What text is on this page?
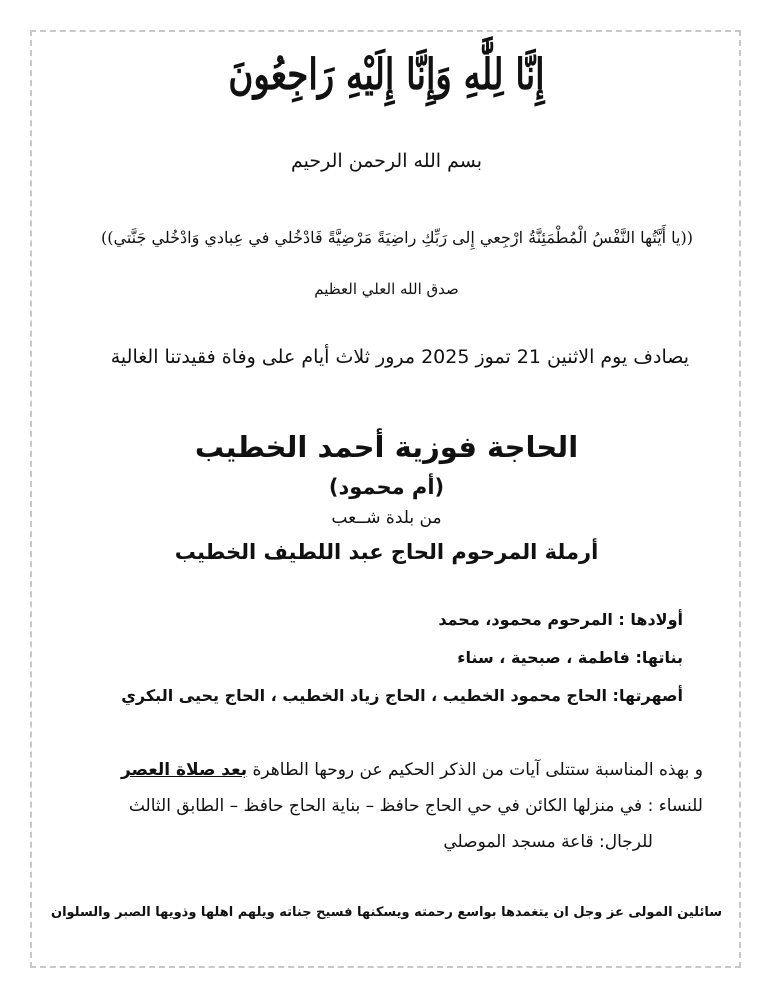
إِنَّا لِلَّٰهِ وَإِنَّا إِلَيْهِ رَاجِعُونَ
بسم الله الرحمن الرحيم
((يا أَيَّتُها النَّفْسُ الْمُطْمَئِنَّةُ ارْجِعي إِلى رَبِّكِ راضِيَةً مَرْضِيَّةً فَادْخُلي في عِبادي وَادْخُلي جَنَّتي))
صدق الله العلي العظيم
يصادف يوم الاثنين 21 تموز 2025 مرور ثلاث أيام على وفاة فقيدتنا الغالية
الحاجة فوزية أحمد الخطيب
(أم محمود)
من بلدة شــعب
أرملة المرحوم الحاج عبد اللطيف الخطيب
أولادها : المرحوم محمود، محمد
بناتها: فاطمة ، صبحية ، سناء
أصهرتها: الحاج محمود الخطيب ، الحاج زياد الخطيب ، الحاج يحيى البكري
و بهذه المناسبة ستتلى آيات من الذكر الحكيم عن روحها الطاهرة بعد صلاة العصر
للنساء : في منزلها الكائن في حي الحاج حافظ – بناية الحاج حافظ – الطابق الثالث
للرجال: قاعة مسجد الموصلي
سائلين المولى عز وجل ان يتغمدها بواسع رحمته ويسكنها فسيح جناته ويلهم اهلها وذويها الصبر والسلوان
